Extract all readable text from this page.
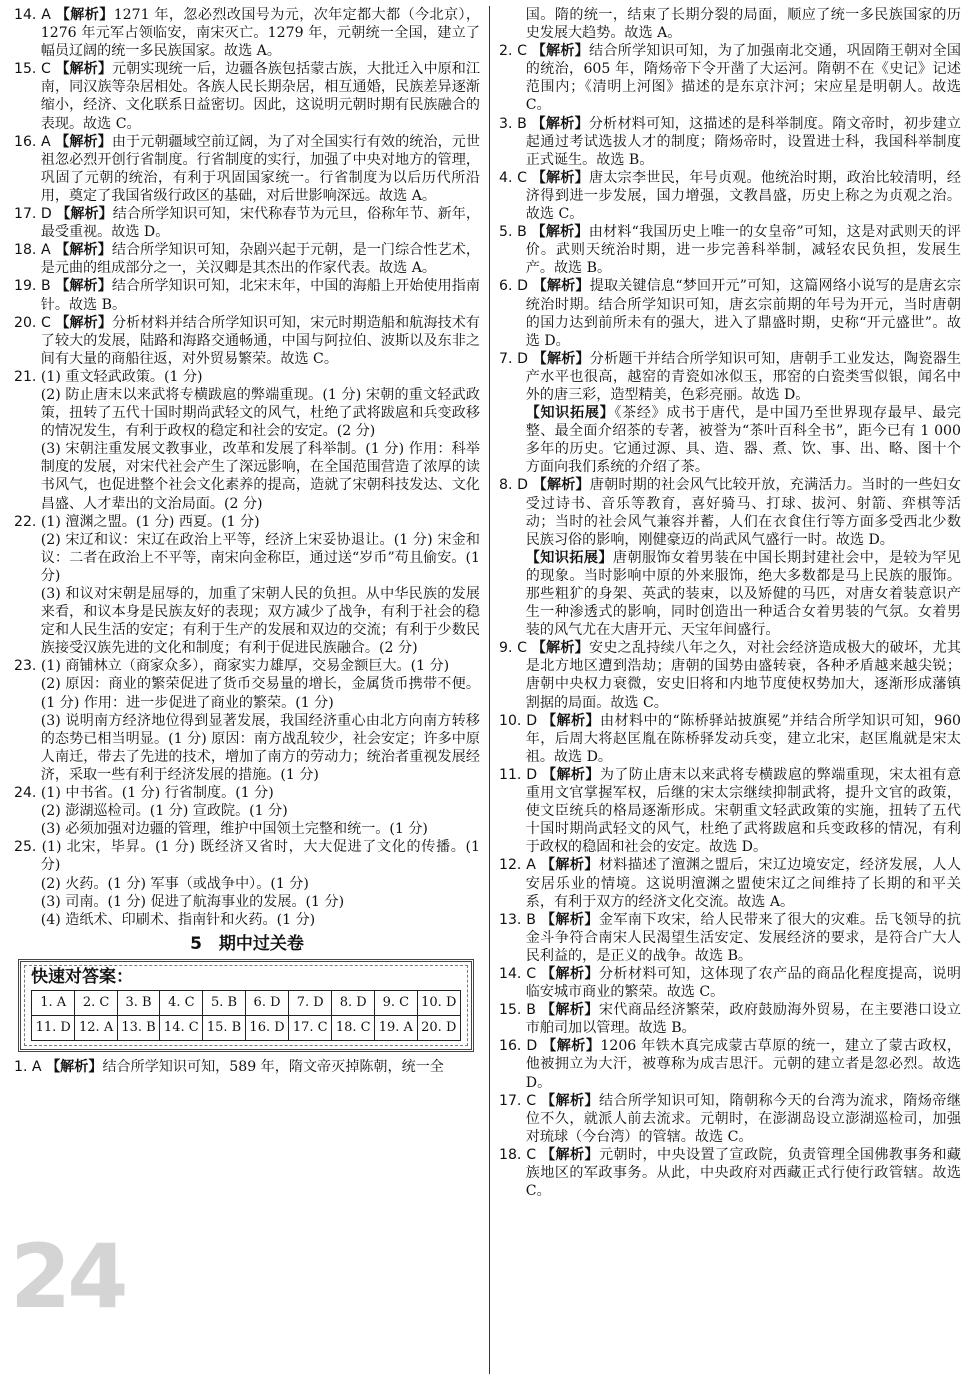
24

14. A 【解析】1271 年，忽必烈改国号为元，次年定都大都（今北京），1276 年元军占领临安，南宋灭亡。1279 年，元朝统一全国，建立了幅员辽阔的统一多民族国家。故选 A。

15. C 【解析】元朝实现统一后，边疆各族包括蒙古族，大批迁入中原和江南，同汉族等杂居相处。各族人民长期杂居，相互通婚，民族差异逐渐缩小，经济、文化联系日益密切。因此，这说明元朝时期有民族融合的表现。故选 C。

16. A 【解析】由于元朝疆域空前辽阔，为了对全国实行有效的统治，元世祖忽必烈开创行省制度。行省制度的实行，加强了中央对地方的管理，巩固了元朝的统治，有利于巩固国家统一。行省制度为以后历代所沿用，奠定了我国省级行政区的基础，对后世影响深远。故选 A。

17. D 【解析】结合所学知识可知，宋代称春节为元旦，俗称年节、新年，最受重视。故选 D。

18. A 【解析】结合所学知识可知，杂剧兴起于元朝，是一门综合性艺术，是元曲的组成部分之一，关汉卿是其杰出的作家代表。故选 A。

19. B 【解析】结合所学知识可知，北宋末年，中国的海船上开始使用指南针。故选 B。

20. C 【解析】分析材料并结合所学知识可知，宋元时期造船和航海技术有了较大的发展，陆路和海路交通畅通，中国与阿拉伯、波斯以及东非之间有大量的商船往返，对外贸易繁荣。故选 C。

21. (1) 重文轻武政策。(1 分)

(2) 防止唐末以来武将专横跋扈的弊端重现。(1 分) 宋朝的重文轻武政策，扭转了五代十国时期尚武轻文的风气，杜绝了武将跋扈和兵变政移的情况发生，有利于政权的稳定和社会的安定。(2 分)

(3) 宋朝注重发展文教事业，改革和发展了科举制。(1 分) 作用：科举制度的发展，对宋代社会产生了深远影响，在全国范围营造了浓厚的读书风气，也促进整个社会文化素养的提高，造就了宋朝科技发达、文化昌盛、人才辈出的文治局面。(2 分)

22. (1) 澶渊之盟。(1 分) 西夏。(1 分)

(2) 宋辽和议：宋辽在政治上平等，经济上宋妥协退让。(1 分) 宋金和议：二者在政治上不平等，南宋向金称臣，通过送“岁币”苟且偷安。(1 分)

(3) 和议对宋朝是屈辱的，加重了宋朝人民的负担。从中华民族的发展来看，和议本身是民族友好的表现；双方减少了战争，有利于社会的稳定和人民生活的安定；有利于生产的发展和双边的交流；有利于少数民族接受汉族先进的文化和制度；有利于促进民族融合。(2 分)

23. (1) 商铺林立（商家众多），商家实力雄厚，交易金额巨大。(1 分)

(2) 原因：商业的繁荣促进了货币交易量的增长，金属货币携带不便。(1 分) 作用：进一步促进了商业的繁荣。(1 分)

(3) 说明南方经济地位得到显著发展，我国经济重心由北方向南方转移的态势已相当明显。(1 分) 原因：南方战乱较少，社会安定；许多中原人南迁，带去了先进的技术，增加了南方的劳动力；统治者重视发展经济，采取一些有利于经济发展的措施。(1 分)

24. (1) 中书省。(1 分) 行省制度。(1 分)

(2) 澎湖巡检司。(1 分) 宣政院。(1 分)

(3) 必须加强对边疆的管理，维护中国领土完整和统一。(1 分)

25. (1) 北宋，毕昇。(1 分) 既经济又省时，大大促进了文化的传播。(1 分)

(2) 火药。(1 分) 军事（或战争中）。(1 分)

(3) 司南。(1 分) 促进了航海事业的发展。(1 分)

(4) 造纸术、印刷术、指南针和火药。(1 分)

5　期中过关卷
快速对答案：
1. A	2. C	3. B	4. C	5. B	6. D	7. D	8. D	9. C	10. D
11. D	12. A	13. B	14. C	15. B	16. D	17. C	18. C	19. A	20. D

1. A 【解析】结合所学知识可知，589 年，隋文帝灭掉陈朝，统一全

国。隋的统一，结束了长期分裂的局面，顺应了统一多民族国家的历史发展大趋势。故选 A。

2. C 【解析】结合所学知识可知，为了加强南北交通，巩固隋王朝对全国的统治，605 年，隋炀帝下令开凿了大运河。隋朝不在《史记》记述范围内；《清明上河图》描述的是东京汴河；宋应星是明朝人。故选 C。

3. B 【解析】分析材料可知，这描述的是科举制度。隋文帝时，初步建立起通过考试选拔人才的制度；隋炀帝时，设置进士科，我国科举制度正式诞生。故选 B。

4. C 【解析】唐太宗李世民，年号贞观。他统治时期，政治比较清明，经济得到进一步发展，国力增强，文教昌盛，历史上称之为贞观之治。故选 C。

5. B 【解析】由材料“我国历史上唯一的女皇帝”可知，这是对武则天的评价。武则天统治时期，进一步完善科举制，减轻农民负担，发展生产。故选 B。

6. D 【解析】提取关键信息“梦回开元”可知，这篇网络小说写的是唐玄宗统治时期。结合所学知识可知，唐玄宗前期的年号为开元，当时唐朝的国力达到前所未有的强大，进入了鼎盛时期，史称“开元盛世”。故选 D。

7. D 【解析】分析题干并结合所学知识可知，唐朝手工业发达，陶瓷器生产水平也很高，越窑的青瓷如冰似玉，邢窑的白瓷类雪似银，闻名中外的唐三彩，造型精美，色彩亮丽。故选 D。

【知识拓展】《茶经》成书于唐代，是中国乃至世界现存最早、最完整、最全面介绍茶的专著，被誉为“茶叶百科全书”，距今已有 1 000 多年的历史。它通过源、具、造、器、煮、饮、事、出、略、图十个方面向我们系统的介绍了茶。

8. D 【解析】唐朝时期的社会风气比较开放，充满活力。当时的一些妇女受过诗书、音乐等教育，喜好骑马、打球、拔河、射箭、弈棋等活动；当时的社会风气兼容并蓄，人们在衣食住行等方面多受西北少数民族习俗的影响，刚健豪迈的尚武风气盛行一时。故选 D。

【知识拓展】唐朝服饰女着男装在中国长期封建社会中，是较为罕见的现象。当时影响中原的外来服饰，绝大多数都是马上民族的服饰。那些粗犷的身架、英武的装束，以及矫健的马匹，对唐女着装意识产生一种渗透式的影响，同时创造出一种适合女着男装的气氛。女着男装的风气尤在大唐开元、天宝年间盛行。

9. C 【解析】安史之乱持续八年之久，对社会经济造成极大的破坏，尤其是北方地区遭到浩劫；唐朝的国势由盛转衰，各种矛盾越来越尖锐；唐朝中央权力衰微，安史旧将和内地节度使权势加大，逐渐形成藩镇割据的局面。故选 C。

10. D 【解析】由材料中的“陈桥驿站披旗冕”并结合所学知识可知，960 年，后周大将赵匡胤在陈桥驿发动兵变，建立北宋，赵匡胤就是宋太祖。故选 D。

11. D 【解析】为了防止唐末以来武将专横跋扈的弊端重现，宋太祖有意重用文官掌握军权，后继的宋太宗继续抑制武将，提升文官的政策，使文臣统兵的格局逐渐形成。宋朝重文轻武政策的实施，扭转了五代十国时期尚武轻文的风气，杜绝了武将跋扈和兵变政移的情况，有利于政权的稳固和社会的安定。故选 D。

12. A 【解析】材料描述了澶渊之盟后，宋辽边境安定，经济发展，人人安居乐业的情境。这说明澶渊之盟使宋辽之间维持了长期的和平关系，有利于双方的经济文化交流。故选 A。

13. B 【解析】金军南下攻宋，给人民带来了很大的灾难。岳飞领导的抗金斗争符合南宋人民渴望生活安定、发展经济的要求，是符合广大人民利益的，是正义的战争。故选 B。

14. C 【解析】分析材料可知，这体现了农产品的商品化程度提高，说明临安城市商业的繁荣。故选 C。

15. B 【解析】宋代商品经济繁荣，政府鼓励海外贸易，在主要港口设立市舶司加以管理。故选 B。

16. D 【解析】1206 年铁木真完成蒙古草原的统一，建立了蒙古政权，他被拥立为大汗，被尊称为成吉思汗。元朝的建立者是忽必烈。故选 D。

17. C 【解析】结合所学知识可知，隋朝称今天的台湾为流求，隋炀帝继位不久，就派人前去流求。元朝时，在澎湖岛设立澎湖巡检司，加强对琉球（今台湾）的管辖。故选 C。

18. C 【解析】元朝时，中央设置了宣政院，负责管理全国佛教事务和藏族地区的军政事务。从此，中央政府对西藏正式行使行政管辖。故选 C。
